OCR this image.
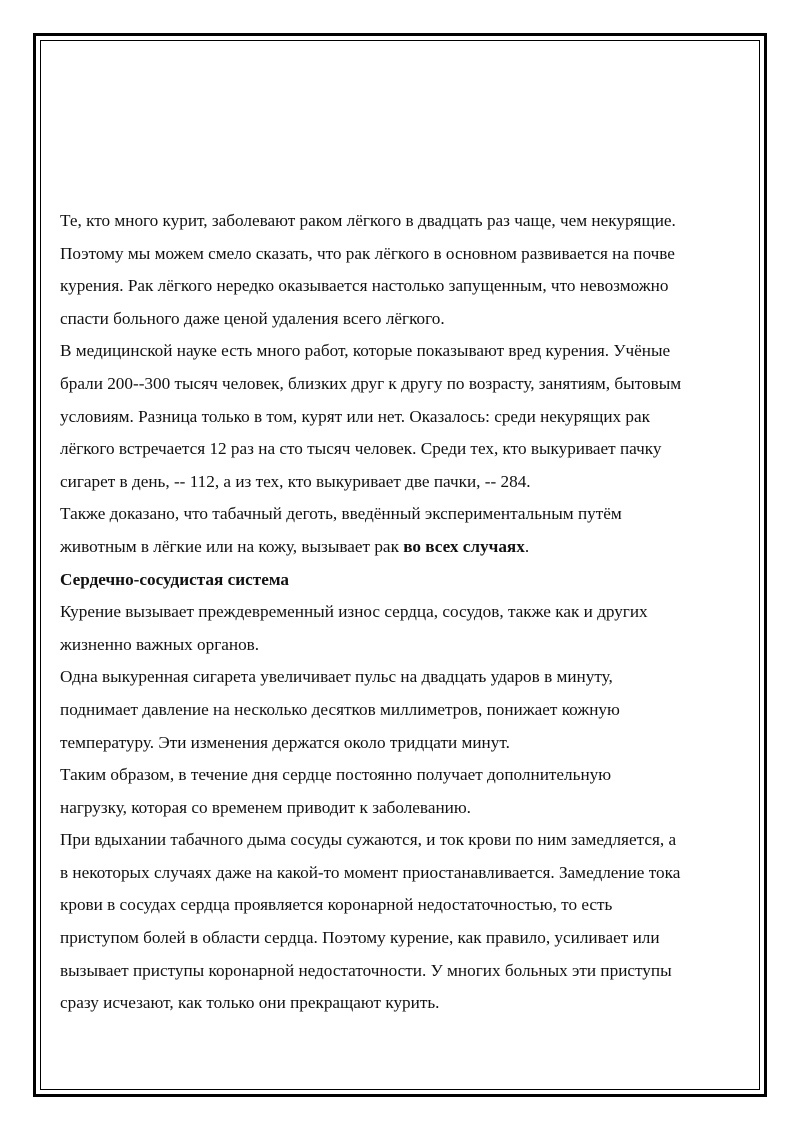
Те, кто много курит, заболевают раком лёгкого в двадцать раз чаще, чем некурящие.

Поэтому мы можем смело сказать, что рак лёгкого в основном развивается на почве

курения. Рак лёгкого нередко оказывается настолько запущенным, что невозможно

спасти больного даже ценой удаления всего лёгкого.

В медицинской науке есть много работ, которые показывают вред курения. Учёные

брали 200--300 тысяч человек, близких друг к другу по возрасту, занятиям, бытовым

условиям. Разница только в том, курят или нет. Оказалось: среди некурящих рак

лёгкого встречается 12 раз на сто тысяч человек. Среди тех, кто выкуривает пачку

сигарет в день, -- 112, а из тех, кто выкуривает две пачки, -- 284.

Также доказано, что табачный деготь, введённый экспериментальным путём

животным в лёгкие или на кожу, вызывает рак во всех случаях.

Сердечно-сосудистая система

Курение вызывает преждевременный износ сердца, сосудов, также как и других

жизненно важных органов.

Одна выкуренная сигарета увеличивает пульс на двадцать ударов в минуту,

поднимает давление на несколько десятков миллиметров, понижает кожную

температуру. Эти изменения держатся около тридцати минут.

Таким образом, в течение дня сердце постоянно получает дополнительную

нагрузку, которая со временем приводит к заболеванию.

При вдыхании табачного дыма сосуды сужаются, и ток крови по ним замедляется, а

в некоторых случаях даже на какой-то момент приостанавливается. Замедление тока

крови в сосудах сердца проявляется коронарной недостаточностью, то есть

приступом болей в области сердца. Поэтому курение, как правило, усиливает или

вызывает приступы коронарной недостаточности. У многих больных эти приступы

сразу исчезают, как только они прекращают курить.
